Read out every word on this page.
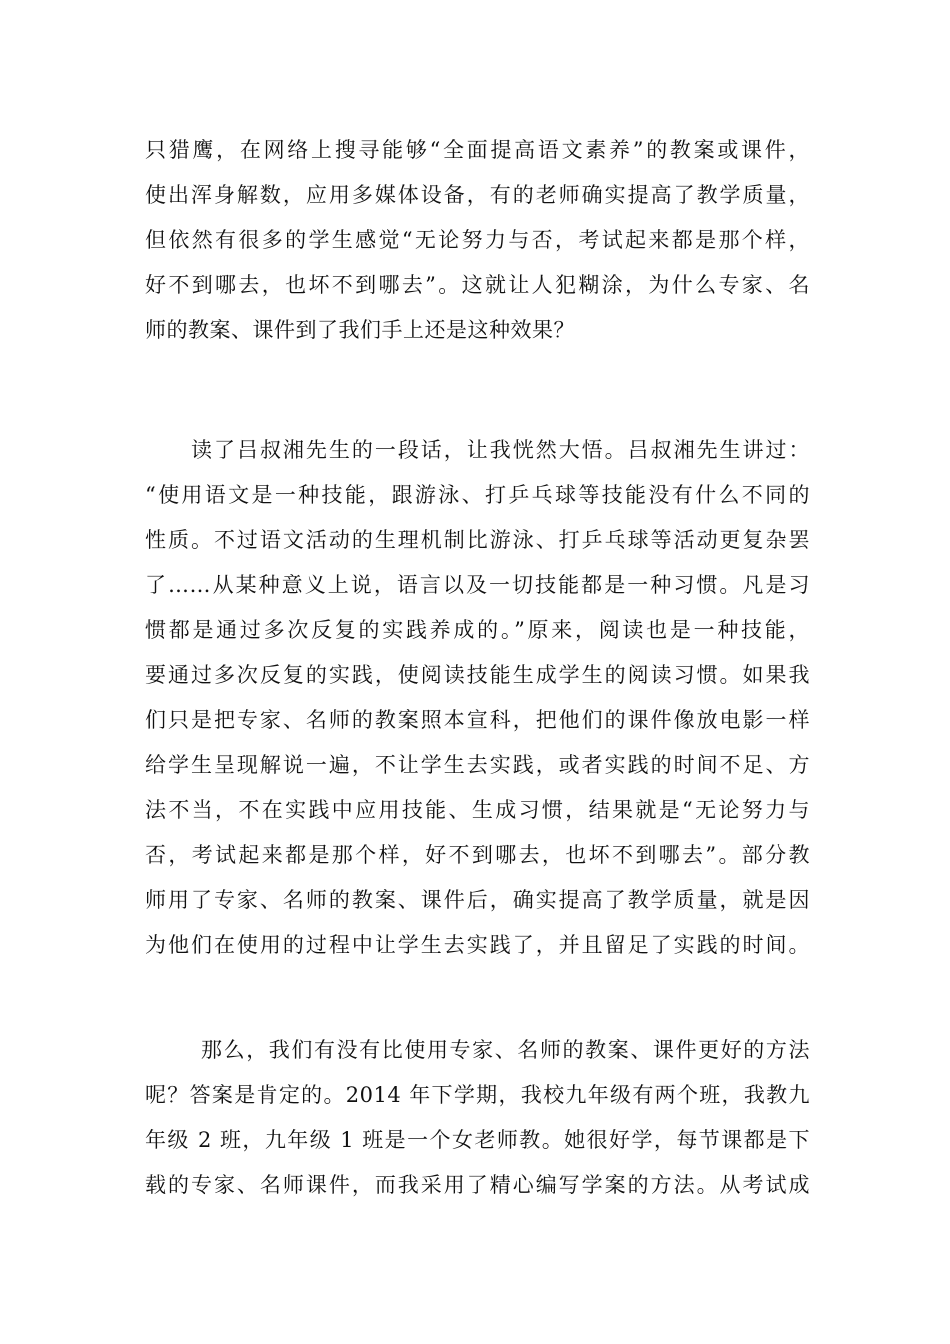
只猎鹰，在网络上搜寻能够“全面提高语文素养”的教案或课件，
使出浑身解数，应用多媒体设备，有的老师确实提高了教学质量，
但依然有很多的学生感觉“无论努力与否，考试起来都是那个样，
好不到哪去，也坏不到哪去”。这就让人犯糊涂，为什么专家、名
师的教案、课件到了我们手上还是这种效果？
读了吕叔湘先生的一段话，让我恍然大悟。吕叔湘先生讲过：
“使用语文是一种技能，跟游泳、打乒乓球等技能没有什么不同的
性质。不过语文活动的生理机制比游泳、打乒乓球等活动更复杂罢
了……从某种意义上说，语言以及一切技能都是一种习惯。凡是习
惯都是通过多次反复的实践养成的。”原来，阅读也是一种技能，
要通过多次反复的实践，使阅读技能生成学生的阅读习惯。如果我
们只是把专家、名师的教案照本宣科，把他们的课件像放电影一样
给学生呈现解说一遍，不让学生去实践，或者实践的时间不足、方
法不当，不在实践中应用技能、生成习惯，结果就是“无论努力与
否，考试起来都是那个样，好不到哪去，也坏不到哪去”。部分教
师用了专家、名师的教案、课件后，确实提高了教学质量，就是因
为他们在使用的过程中让学生去实践了，并且留足了实践的时间。
那么，我们有没有比使用专家、名师的教案、课件更好的方法
呢？答案是肯定的。2014 年下学期，我校九年级有两个班，我教九
年级 2 班，九年级 1 班是一个女老师教。她很好学，每节课都是下
载的专家、名师课件，而我采用了精心编写学案的方法。从考试成
